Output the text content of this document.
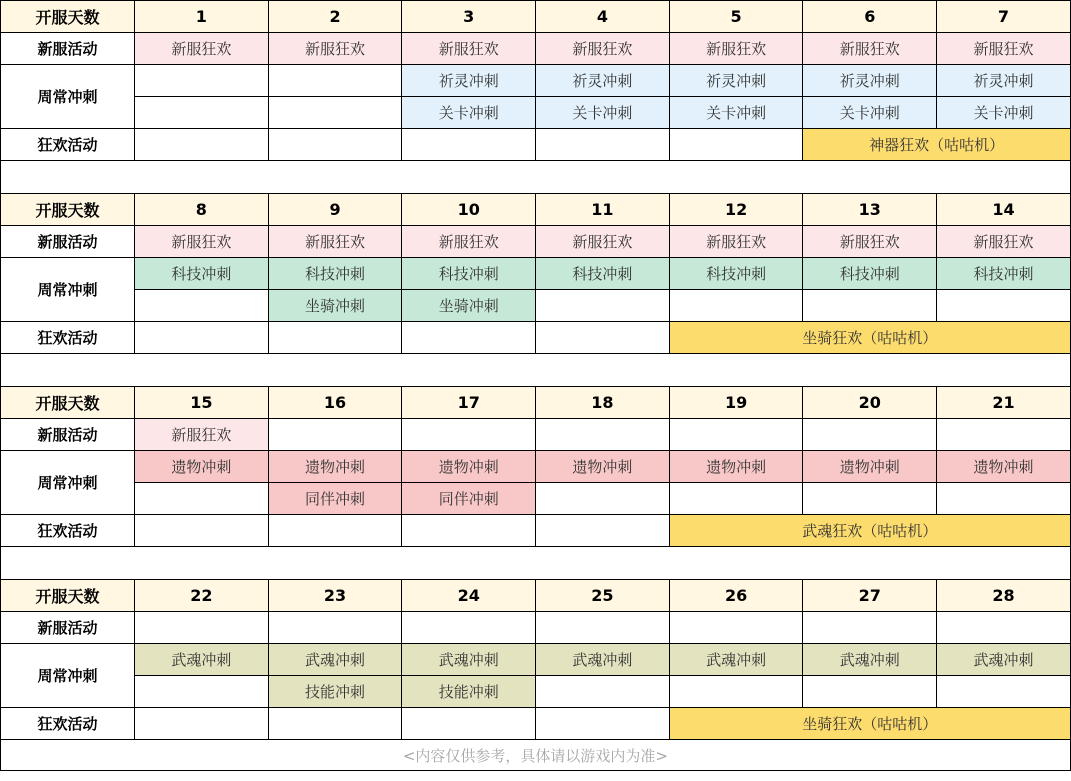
开服天数	1	2	3	4	5	6	7
新服活动	新服狂欢	新服狂欢	新服狂欢	新服狂欢	新服狂欢	新服狂欢	新服狂欢
周常冲刺			祈灵冲刺	祈灵冲刺	祈灵冲刺	祈灵冲刺	祈灵冲刺
			关卡冲刺	关卡冲刺	关卡冲刺	关卡冲刺	关卡冲刺
狂欢活动						神器狂欢（咕咕机）	

开服天数	8	9	10	11	12	13	14
新服活动	新服狂欢	新服狂欢	新服狂欢	新服狂欢	新服狂欢	新服狂欢	新服狂欢
周常冲刺	科技冲刺	科技冲刺	科技冲刺	科技冲刺	科技冲刺	科技冲刺	科技冲刺
		坐骑冲刺	坐骑冲刺				
狂欢活动					坐骑狂欢（咕咕机）		

开服天数	15	16	17	18	19	20	21
新服活动	新服狂欢						
周常冲刺	遗物冲刺	遗物冲刺	遗物冲刺	遗物冲刺	遗物冲刺	遗物冲刺	遗物冲刺
		同伴冲刺	同伴冲刺				
狂欢活动					武魂狂欢（咕咕机）		

开服天数	22	23	24	25	26	27	28
新服活动							
周常冲刺	武魂冲刺	武魂冲刺	武魂冲刺	武魂冲刺	武魂冲刺	武魂冲刺	武魂冲刺
		技能冲刺	技能冲刺				
狂欢活动					坐骑狂欢（咕咕机）		
<内容仅供参考，具体请以游戏内为准>							
